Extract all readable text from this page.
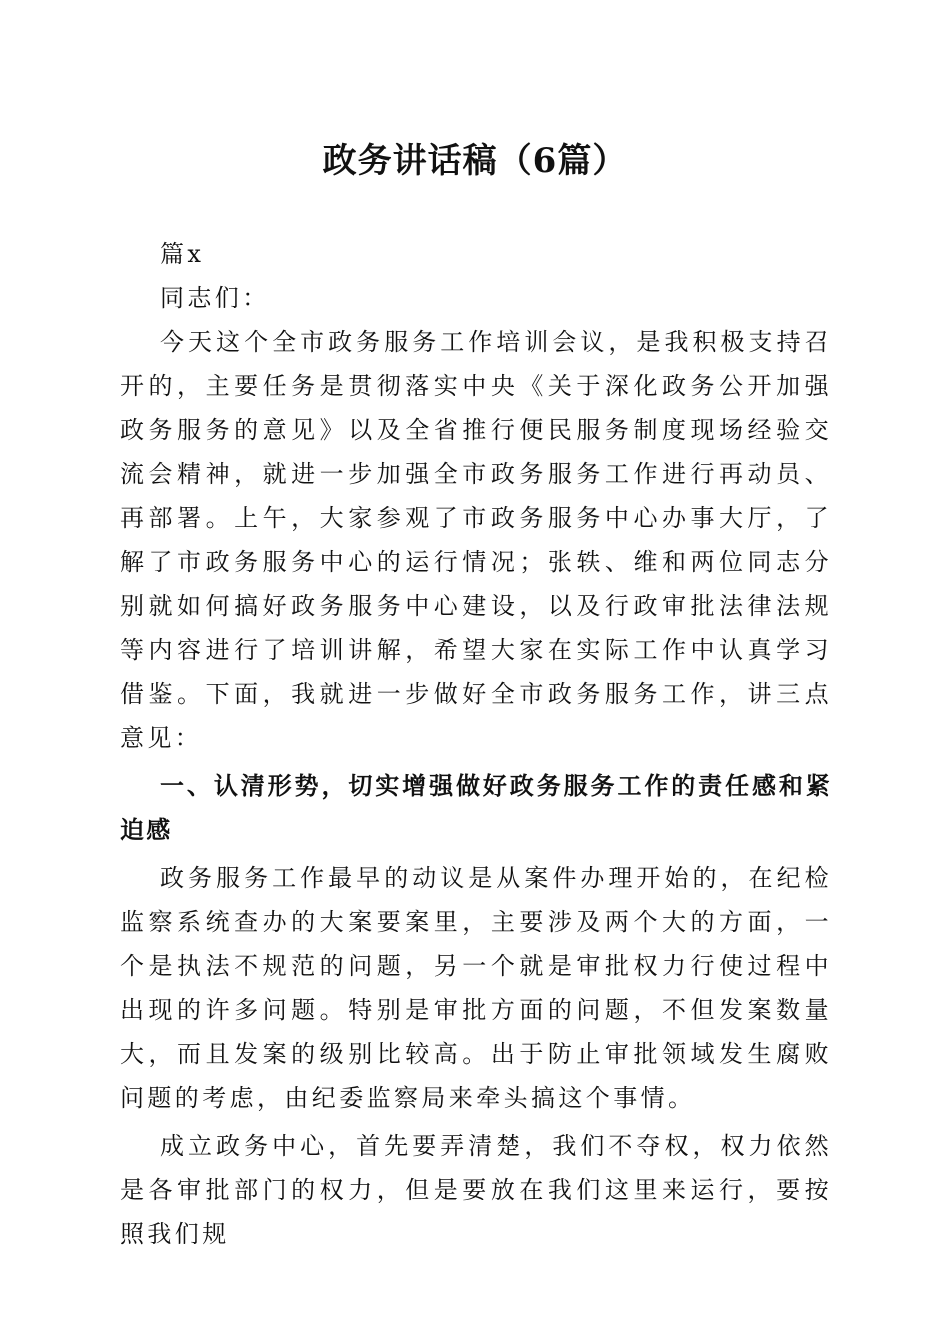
政务讲话稿（6篇）

篇x

同志们：

今天这个全市政务服务工作培训会议，是我积极支持召开的，主要任务是贯彻落实中央《关于深化政务公开加强政务服务的意见》以及全省推行便民服务制度现场经验交流会精神，就进一步加强全市政务服务工作进行再动员、再部署。上午，大家参观了市政务服务中心办事大厅，了解了市政务服务中心的运行情况；张轶、维和两位同志分别就如何搞好政务服务中心建设，以及行政审批法律法规等内容进行了培训讲解，希望大家在实际工作中认真学习借鉴。下面，我就进一步做好全市政务服务工作，讲三点意见：

一、认清形势，切实增强做好政务服务工作的责任感和紧迫感

政务服务工作最早的动议是从案件办理开始的，在纪检监察系统查办的大案要案里，主要涉及两个大的方面，一个是执法不规范的问题，另一个就是审批权力行使过程中出现的许多问题。特别是审批方面的问题，不但发案数量大，而且发案的级别比较高。出于防止审批领域发生腐败问题的考虑，由纪委监察局来牵头搞这个事情。

成立政务中心，首先要弄清楚，我们不夺权，权力依然是各审批部门的权力，但是要放在我们这里来运行，要按照我们规
